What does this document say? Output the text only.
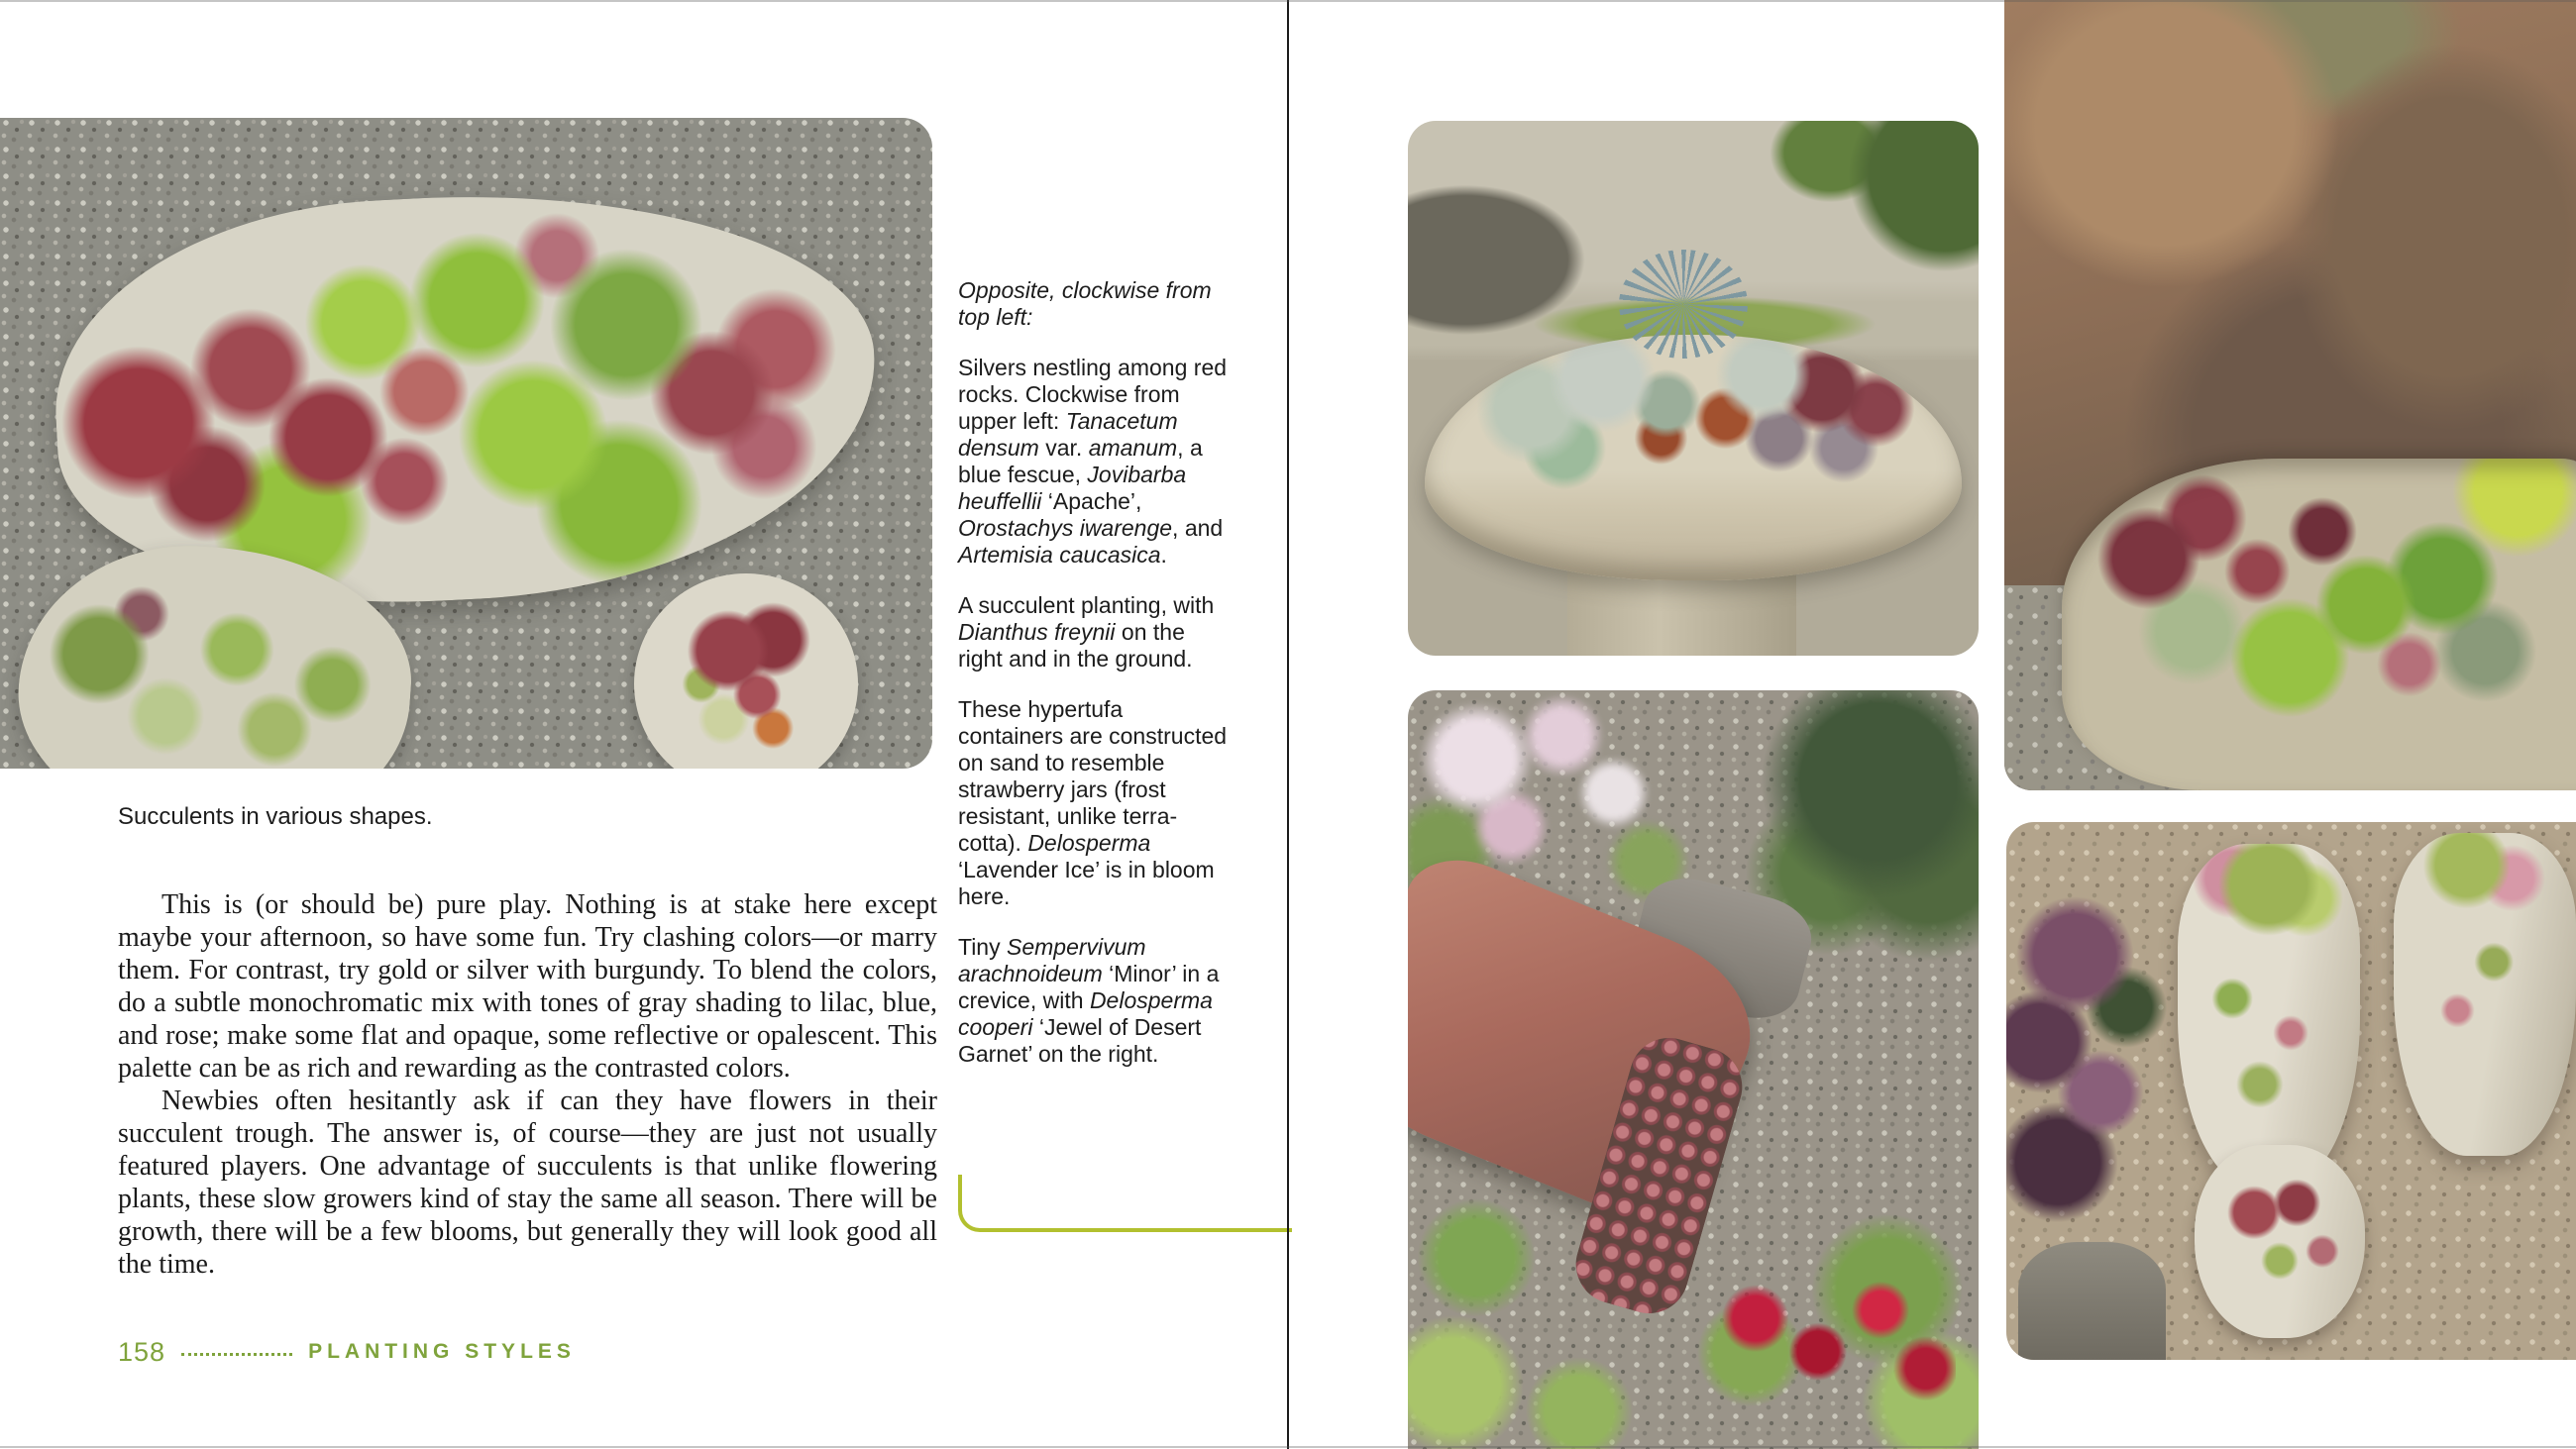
Succulents in various shapes.

This is (or should be) pure play. Nothing is at stake here except maybe your afternoon, so have some fun. Try clashing colors—or marry them. For contrast, try gold or silver with burgundy. To blend the colors, do a subtle monochromatic mix with tones of gray shading to lilac, blue, and rose; make some flat and opaque, some reflective or opalescent. This palette can be as rich and rewarding as the contrasted colors.

Newbies often hesitantly ask if can they have flowers in their succulent trough. The answer is, of course—they are just not usually featured players. One advantage of succulents is that unlike flowering plants, these slow growers kind of stay the same all season. There will be growth, there will be a few blooms, but generally they will look good all the time.

158	PLANTING STYLES

Opposite, clockwise from top left:

Silvers nestling among red rocks. Clockwise from upper left: Tanacetum densum var. amanum, a blue fescue, Jovibarba heuffellii ‘Apache’, Orostachys iwarenge, and Artemisia caucasica.

A succulent planting, with Dianthus freynii on the right and in the ground.

These hypertufa containers are constructed on sand to resemble strawberry jars (frost resistant, unlike terra-cotta). Delosperma ‘Lavender Ice’ is in bloom here.

Tiny Sempervivum arachnoideum ‘Minor’ in a crevice, with Delosperma cooperi ‘Jewel of Desert Garnet’ on the right.
